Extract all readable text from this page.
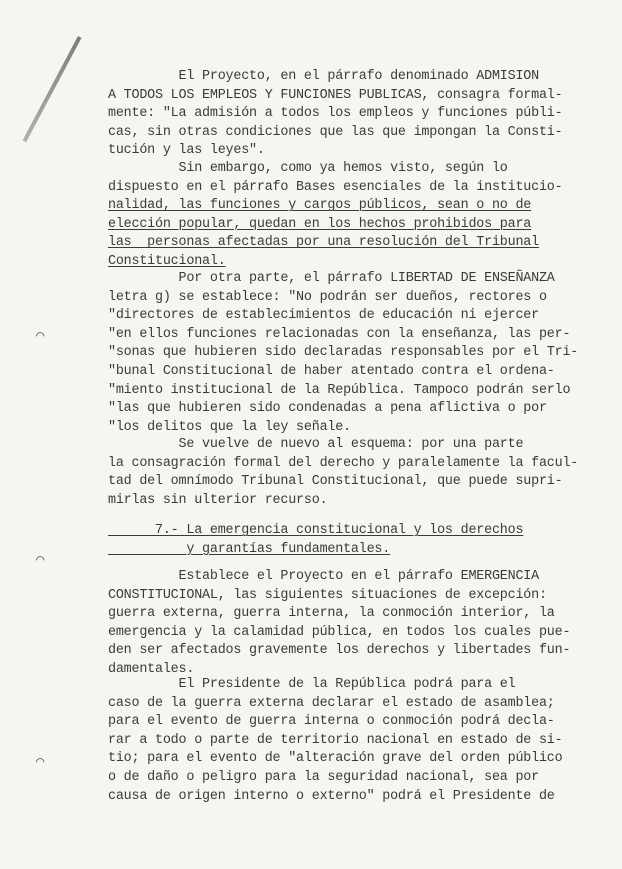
El Proyecto, en el párrafo denominado ADMISION
A TODOS LOS EMPLEOS Y FUNCIONES PUBLICAS, consagra formal-
mente: "La admisión a todos los empleos y funciones públi-
cas, sin otras condiciones que las que impongan la Consti-
tución y las leyes".
Sin embargo, como ya hemos visto, según lo
dispuesto en el párrafo Bases esenciales de la institucio-
nalidad, las funciones y cargos públicos, sean o no de
elección popular, quedan en los hechos prohibidos para
las  personas afectadas por una resolución del Tribunal
Constitucional.
Por otra parte, el párrafo LIBERTAD DE ENSEÑANZA
letra g) se establece: "No podrán ser dueños, rectores o
"directores de establecimientos de educación ni ejercer
"en ellos funciones relacionadas con la enseñanza, las per-
"sonas que hubieren sido declaradas responsables por el Tri-
"bunal Constitucional de haber atentado contra el ordena-
"miento institucional de la República. Tampoco podrán serlo
"las que hubieren sido condenadas a pena aflictiva o por
"los delitos que la ley señale.
Se vuelve de nuevo al esquema: por una parte
la consagración formal del derecho y paralelamente la facul-
tad del omnímodo Tribunal Constitucional, que puede supri-
mirlas sin ulterior recurso.
7.- La emergencia constitucional y los derechos
y garantías fundamentales.
Establece el Proyecto en el párrafo EMERGENCIA
CONSTITUCIONAL, las siguientes situaciones de excepción:
guerra externa, guerra interna, la conmoción interior, la
emergencia y la calamidad pública, en todos los cuales pue-
den ser afectados gravemente los derechos y libertades fun-
damentales.
El Presidente de la República podrá para el
caso de la guerra externa declarar el estado de asamblea;
para el evento de guerra interna o conmoción podrá decla-
rar a todo o parte de territorio nacional en estado de si-
tio; para el evento de "alteración grave del orden público
o de daño o peligro para la seguridad nacional, sea por
causa de origen interno o externo" podrá el Presidente de
◠
◠
◠
